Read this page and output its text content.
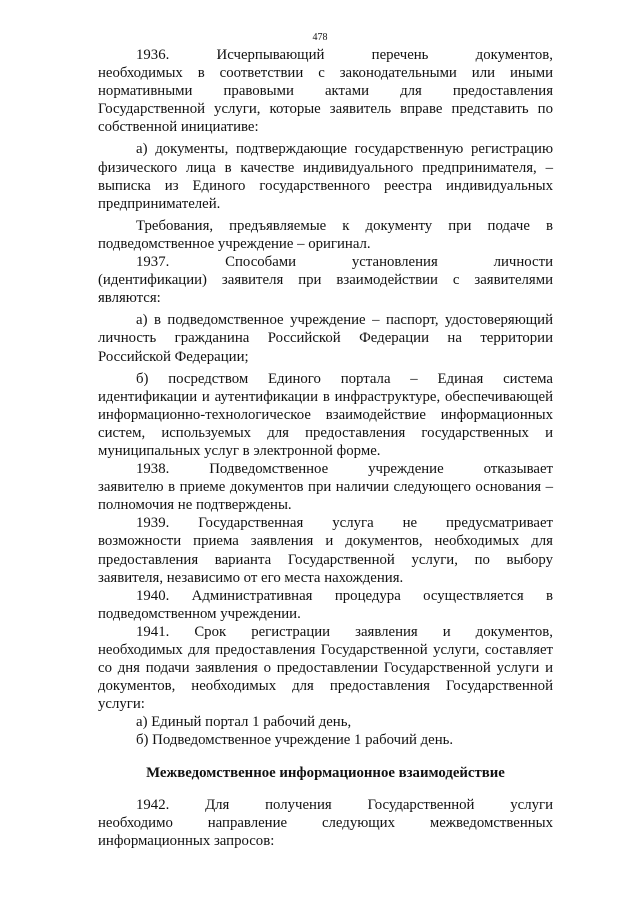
478
1936. Исчерпывающий перечень документов,
необходимых в соответствии с законодательными или иными
нормативными правовыми актами для предоставления
Государственной услуги, которые заявитель вправе представить по
собственной инициативе:
а) документы, подтверждающие государственную регистрацию
физического лица в качестве индивидуального предпринимателя, –
выписка из Единого государственного реестра индивидуальных
предпринимателей.
Требования, предъявляемые к документу при подаче в
подведомственное учреждение – оригинал.
1937. Способами установления личности
(идентификации) заявителя при взаимодействии с заявителями
являются:
а) в подведомственное учреждение – паспорт, удостоверяющий
личность гражданина Российской Федерации на территории
Российской Федерации;
б) посредством Единого портала – Единая система
идентификации и аутентификации в инфраструктуре, обеспечивающей
информационно-технологическое взаимодействие информационных
систем, используемых для предоставления государственных и
муниципальных услуг в электронной форме.
1938. Подведомственное учреждение отказывает
заявителю в приеме документов при наличии следующего основания –
полномочия не подтверждены.
1939. Государственная услуга не предусматривает
возможности приема заявления и документов, необходимых для
предоставления варианта Государственной услуги, по выбору
заявителя, независимо от его места нахождения.
1940. Административная процедура осуществляется в
подведомственном учреждении.
1941. Срок регистрации заявления и документов,
необходимых для предоставления Государственной услуги, составляет
со дня подачи заявления о предоставлении Государственной услуги и
документов, необходимых для предоставления Государственной
услуги:
а) Единый портал 1 рабочий день,
б) Подведомственное учреждение 1 рабочий день.
Межведомственное информационное взаимодействие
1942. Для получения Государственной услуги
необходимо направление следующих межведомственных
информационных запросов:
